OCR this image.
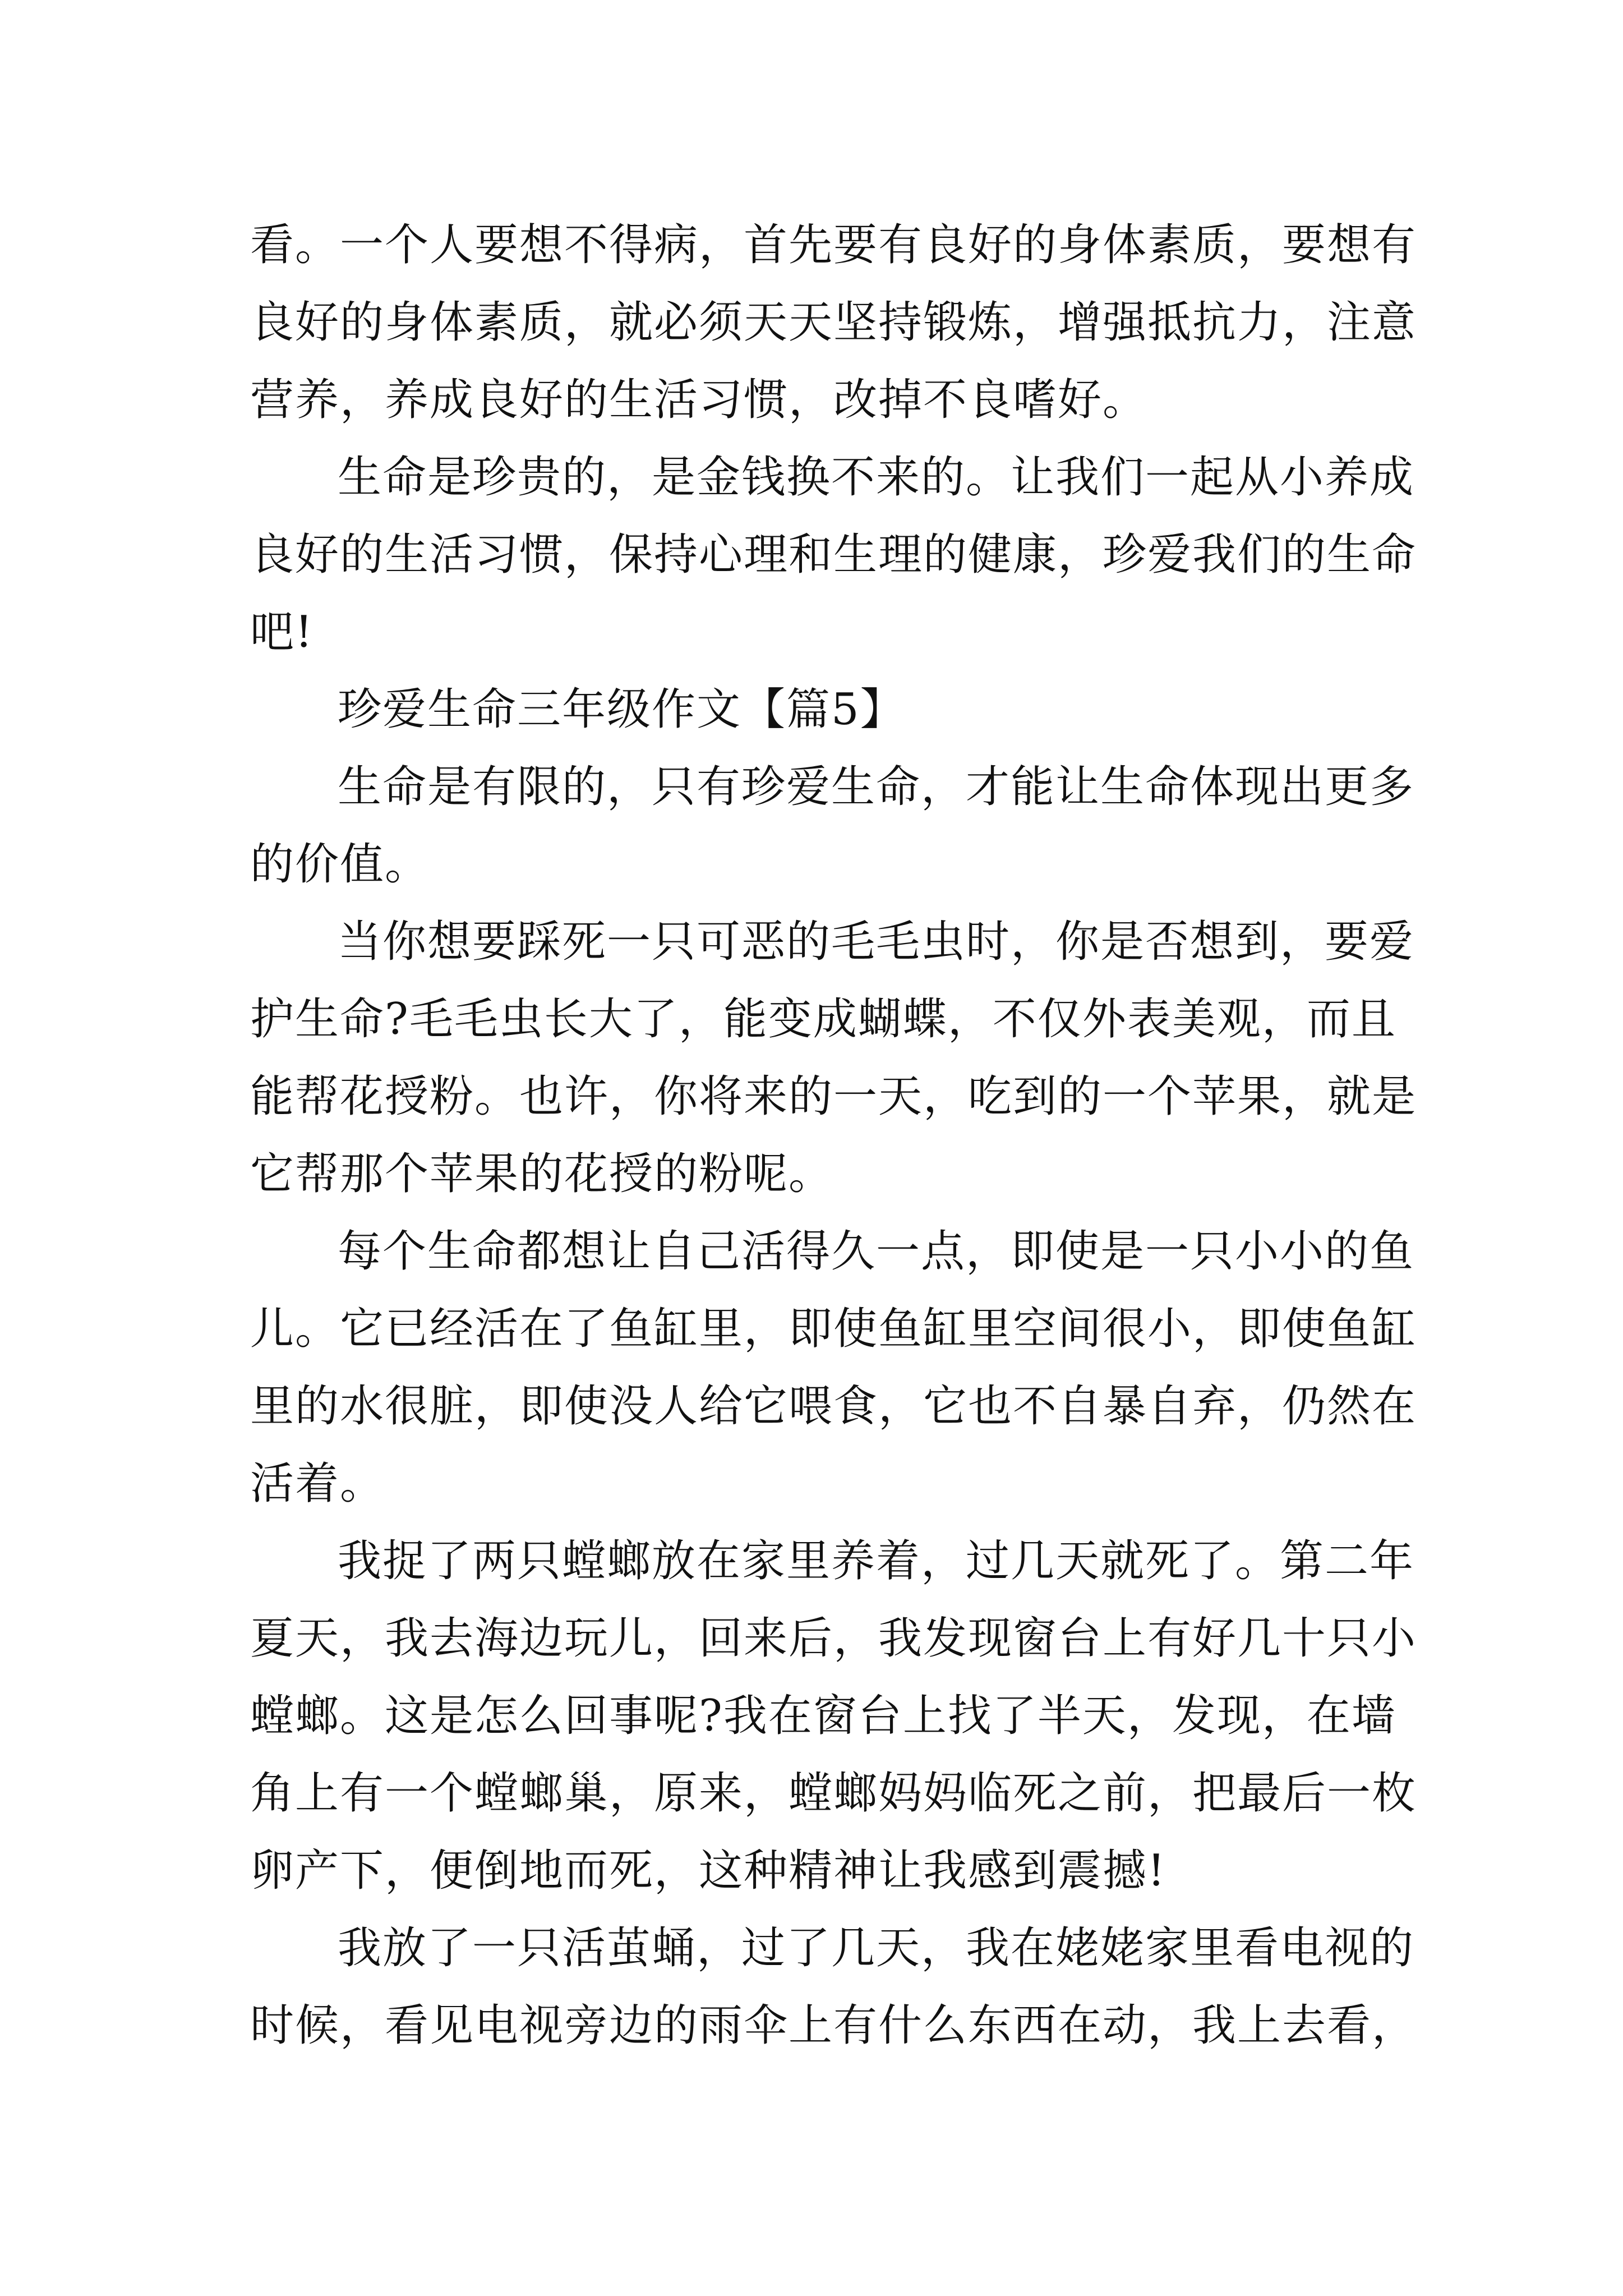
看。一个人要想不得病，首先要有良好的身体素质，要想有
良好的身体素质，就必须天天坚持锻炼，增强抵抗力，注意
营养，养成良好的生活习惯，改掉不良嗜好。
生命是珍贵的，是金钱换不来的。让我们一起从小养成
良好的生活习惯，保持心理和生理的健康，珍爱我们的生命
吧!
珍爱生命三年级作文【篇5】
生命是有限的，只有珍爱生命，才能让生命体现出更多
的价值。
当你想要踩死一只可恶的毛毛虫时，你是否想到，要爱
护生命?毛毛虫长大了，能变成蝴蝶，不仅外表美观，而且
能帮花授粉。也许，你将来的一天，吃到的一个苹果，就是
它帮那个苹果的花授的粉呢。
每个生命都想让自己活得久一点，即使是一只小小的鱼
儿。它已经活在了鱼缸里，即使鱼缸里空间很小，即使鱼缸
里的水很脏，即使没人给它喂食，它也不自暴自弃，仍然在
活着。
我捉了两只螳螂放在家里养着，过几天就死了。第二年
夏天，我去海边玩儿，回来后，我发现窗台上有好几十只小
螳螂。这是怎么回事呢?我在窗台上找了半天，发现，在墙
角上有一个螳螂巢，原来，螳螂妈妈临死之前，把最后一枚
卵产下，便倒地而死，这种精神让我感到震撼!
我放了一只活茧蛹，过了几天，我在姥姥家里看电视的
时候，看见电视旁边的雨伞上有什么东西在动，我上去看，
